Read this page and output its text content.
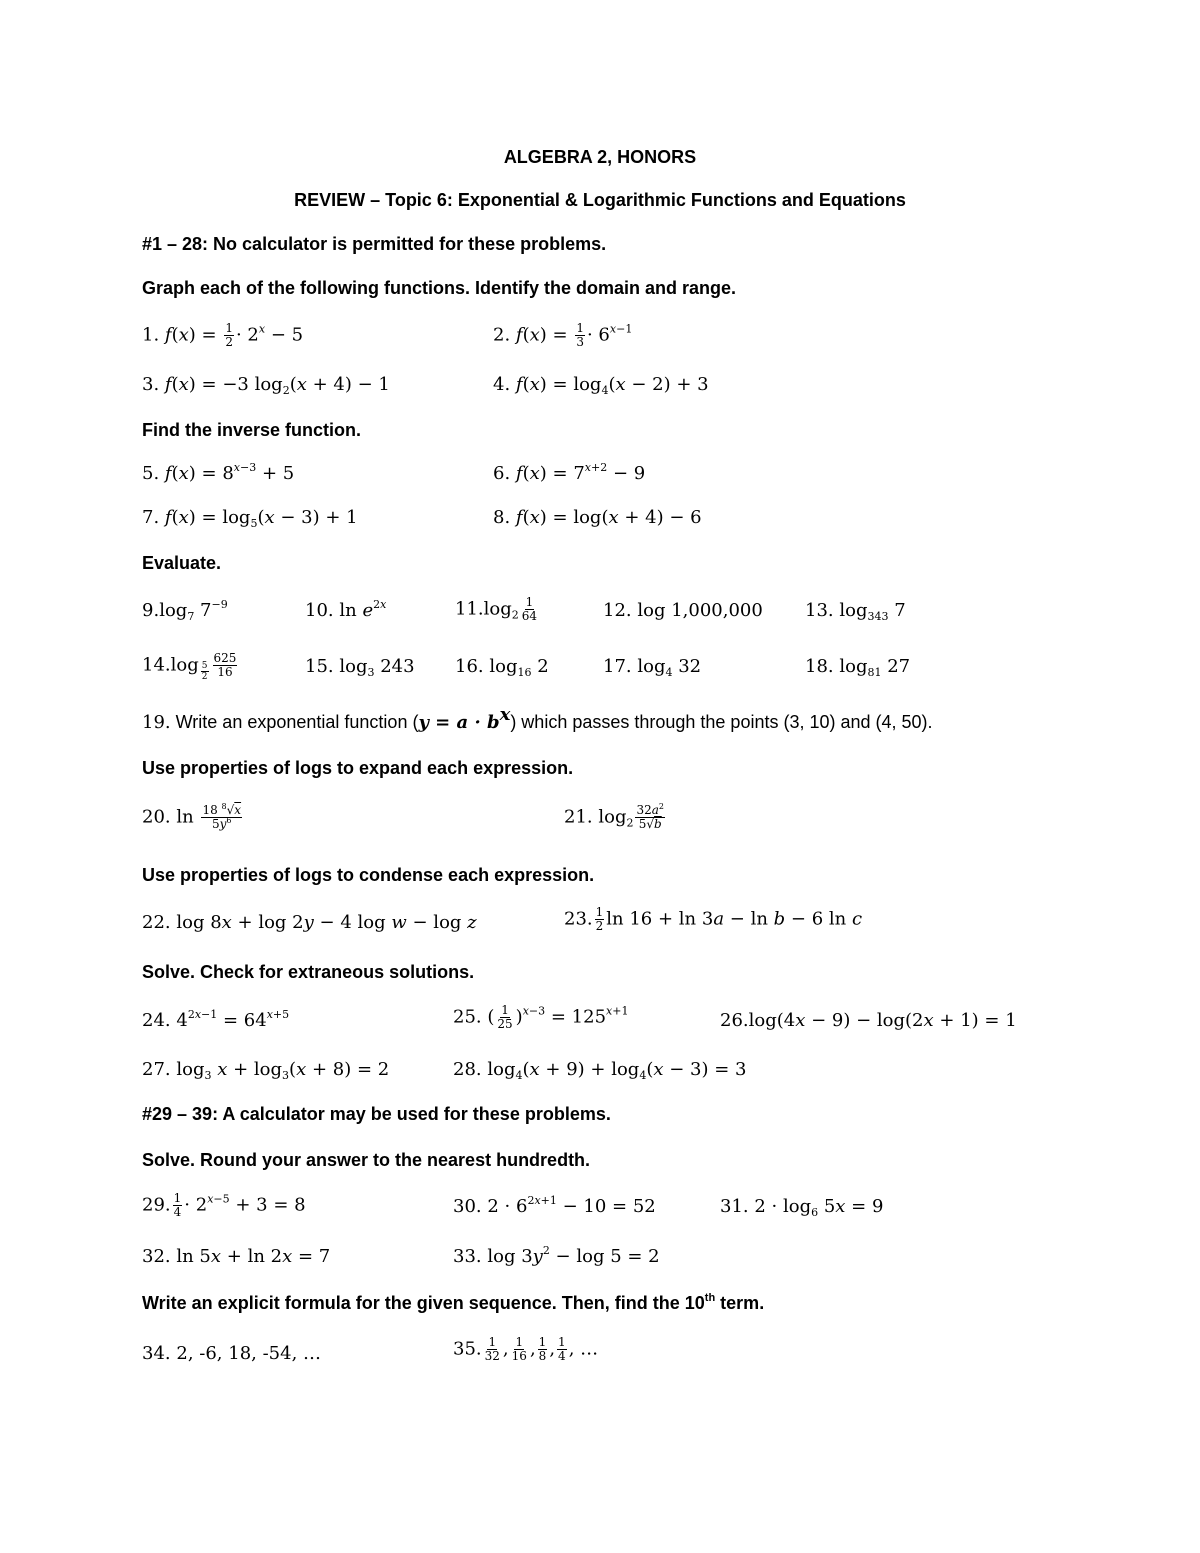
ALGEBRA 2, HONORS
REVIEW – Topic 6: Exponential & Logarithmic Functions and Equations
#1 – 28: No calculator is permitted for these problems.
Graph each of the following functions. Identify the domain and range.
1. $f(x) = \frac{1}{2} \cdot 2^x - 5$	2. $f(x) = \frac{1}{3} \cdot 6^{x-1}$
3. f(x) = −3 $\log_2(x + 4) - 1$	4. $f(x) = \log_4(x - 2) + 3$
Find the inverse function.
5. $f(x) = 8^{x-3} + 5$	6. $f(x) = 7^{x+2} - 9$
7. $f(x) = \log_5(x - 3) + 1$	8. f(x) = log(x + 4) − 6
Evaluate.
$9.\log_7$ $7^{-9}$	10. $\ln e^{2x}$	$11.\log_2 \frac{1}{64}$	12. log 1,000,000 13. $\log_{343} 7$
14.log $_{\frac{5}{2}} \frac{625}{16}$	15. $\log_3 243$ 16. $\log_{16} 2$	17. $\log_4 32$	18. $\log_{81} 27$
19. Write an exponential function $(y = a \cdot b^x)$ which passes through the points (3, 10) and (4, 50).
Use properties of logs to expand each expression.
20. $\ln \frac{18 ^8√x}{5y^6}$	21. $\log_2 \frac{32a^2}{5√b}$
Use properties of logs to condense each expression.
22. log 8x + log 2y − 4 log w − log z	23. $\frac{1}{2}$ ln 16 + ln 3a − ln b − 6 ln c
Solve. Check for extraneous solutions.
24. $4^{2x-1} = 64^{x+5}$	25. ( $\frac{1}{25} )^{x-3} = 125^{x+1}$	26.log(4x − 9) − log(2x + 1) = 1
27. $\log_3 x + \log_3(x + 8) = 2$	28. $\log_4(x + 9) + \log_4(x - 3) = 3$
#29 – 39: A calculator may be used for these problems.
Solve. Round your answer to the nearest hundredth.
29. $\frac{1}{4} \cdot 2^{x-5} + 3 = 8$	30. $2 \cdot 6^{2x+1} - 10 = 52$	31. $2 \cdot \log_6 5x = 9$
32. ln 5x + ln 2x = 7	33. $\log 3y^2 - \log 5 = 2$
Write an explicit formula for the given sequence. Then, find the 10th term.
34. 2, -6, 18, -54, …	35. $\frac{1}{32}$ , $\frac{1}{16}$ , $\frac{1}{8}$ , $\frac{1}{4}$ , …
